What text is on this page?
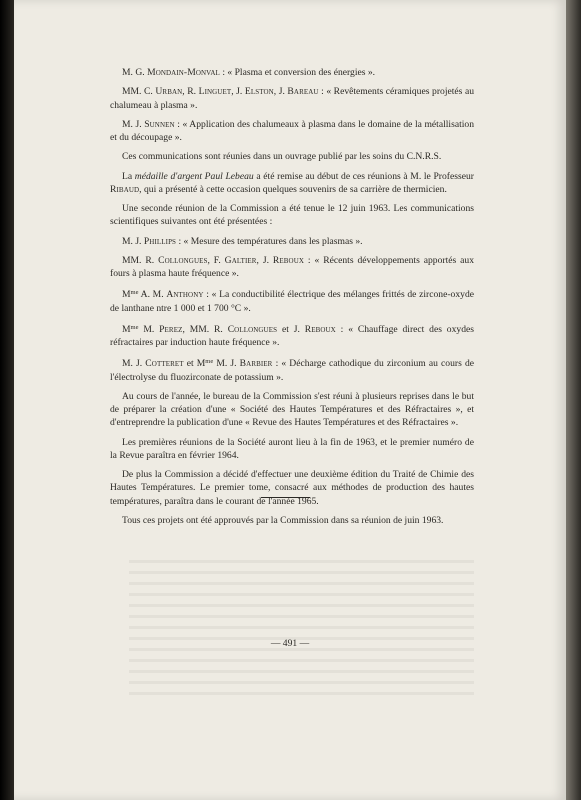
M. G. Mondain-Monval : « Plasma et conversion des énergies ».

MM. C. Urban, R. Linguet, J. Elston, J. Bareau : « Revêtements céramiques projetés au chalumeau à plasma ».

M. J. Sunnen : « Application des chalumeaux à plasma dans le domaine de la métallisation et du découpage ».

Ces communications sont réunies dans un ouvrage publié par les soins du C.N.R.S.

La médaille d'argent Paul Lebeau a été remise au début de ces réunions à M. le Professeur Ribaud, qui a présenté à cette occasion quelques souvenirs de sa carrière de thermicien.

Une seconde réunion de la Commission a été tenue le 12 juin 1963. Les communications scientifiques suivantes ont été présentées :

M. J. Phillips : « Mesure des températures dans les plasmas ».

MM. R. Collongues, F. Galtier, J. Reboux : « Récents développements apportés aux fours à plasma haute fréquence ».

$M^{me}$ A. M. Anthony : « La conductibilité électrique des mélanges frittés de zircone-oxyde de lanthane ntre 1 000 et 1 700 °C ».

$M^{me}$ M. Perez, MM. R. Collongues et J. Reboux : « Chauffage direct des oxydes réfractaires par induction haute fréquence ».

M. J. Cotteret et $M^{me}$ M. J. Barbier : « Décharge cathodique du zirconium au cours de l'électrolyse du fluozirconate de potassium ».

Au cours de l'année, le bureau de la Commission s'est réuni à plusieurs reprises dans le but de préparer la création d'une « Société des Hautes Températures et des Réfractaires », et d'entreprendre la publication d'une « Revue des Hautes Températures et des Réfractaires ».

Les premières réunions de la Société auront lieu à la fin de 1963, et le premier numéro de la Revue paraîtra en février 1964.

De plus la Commission a décidé d'effectuer une deuxième édition du Traité de Chimie des Hautes Températures. Le premier tome, consacré aux méthodes de production des hautes températures, paraîtra dans le courant de l'année 1965.

Tous ces projets ont été approuvés par la Commission dans sa réunion de juin 1963.

— 491 —
